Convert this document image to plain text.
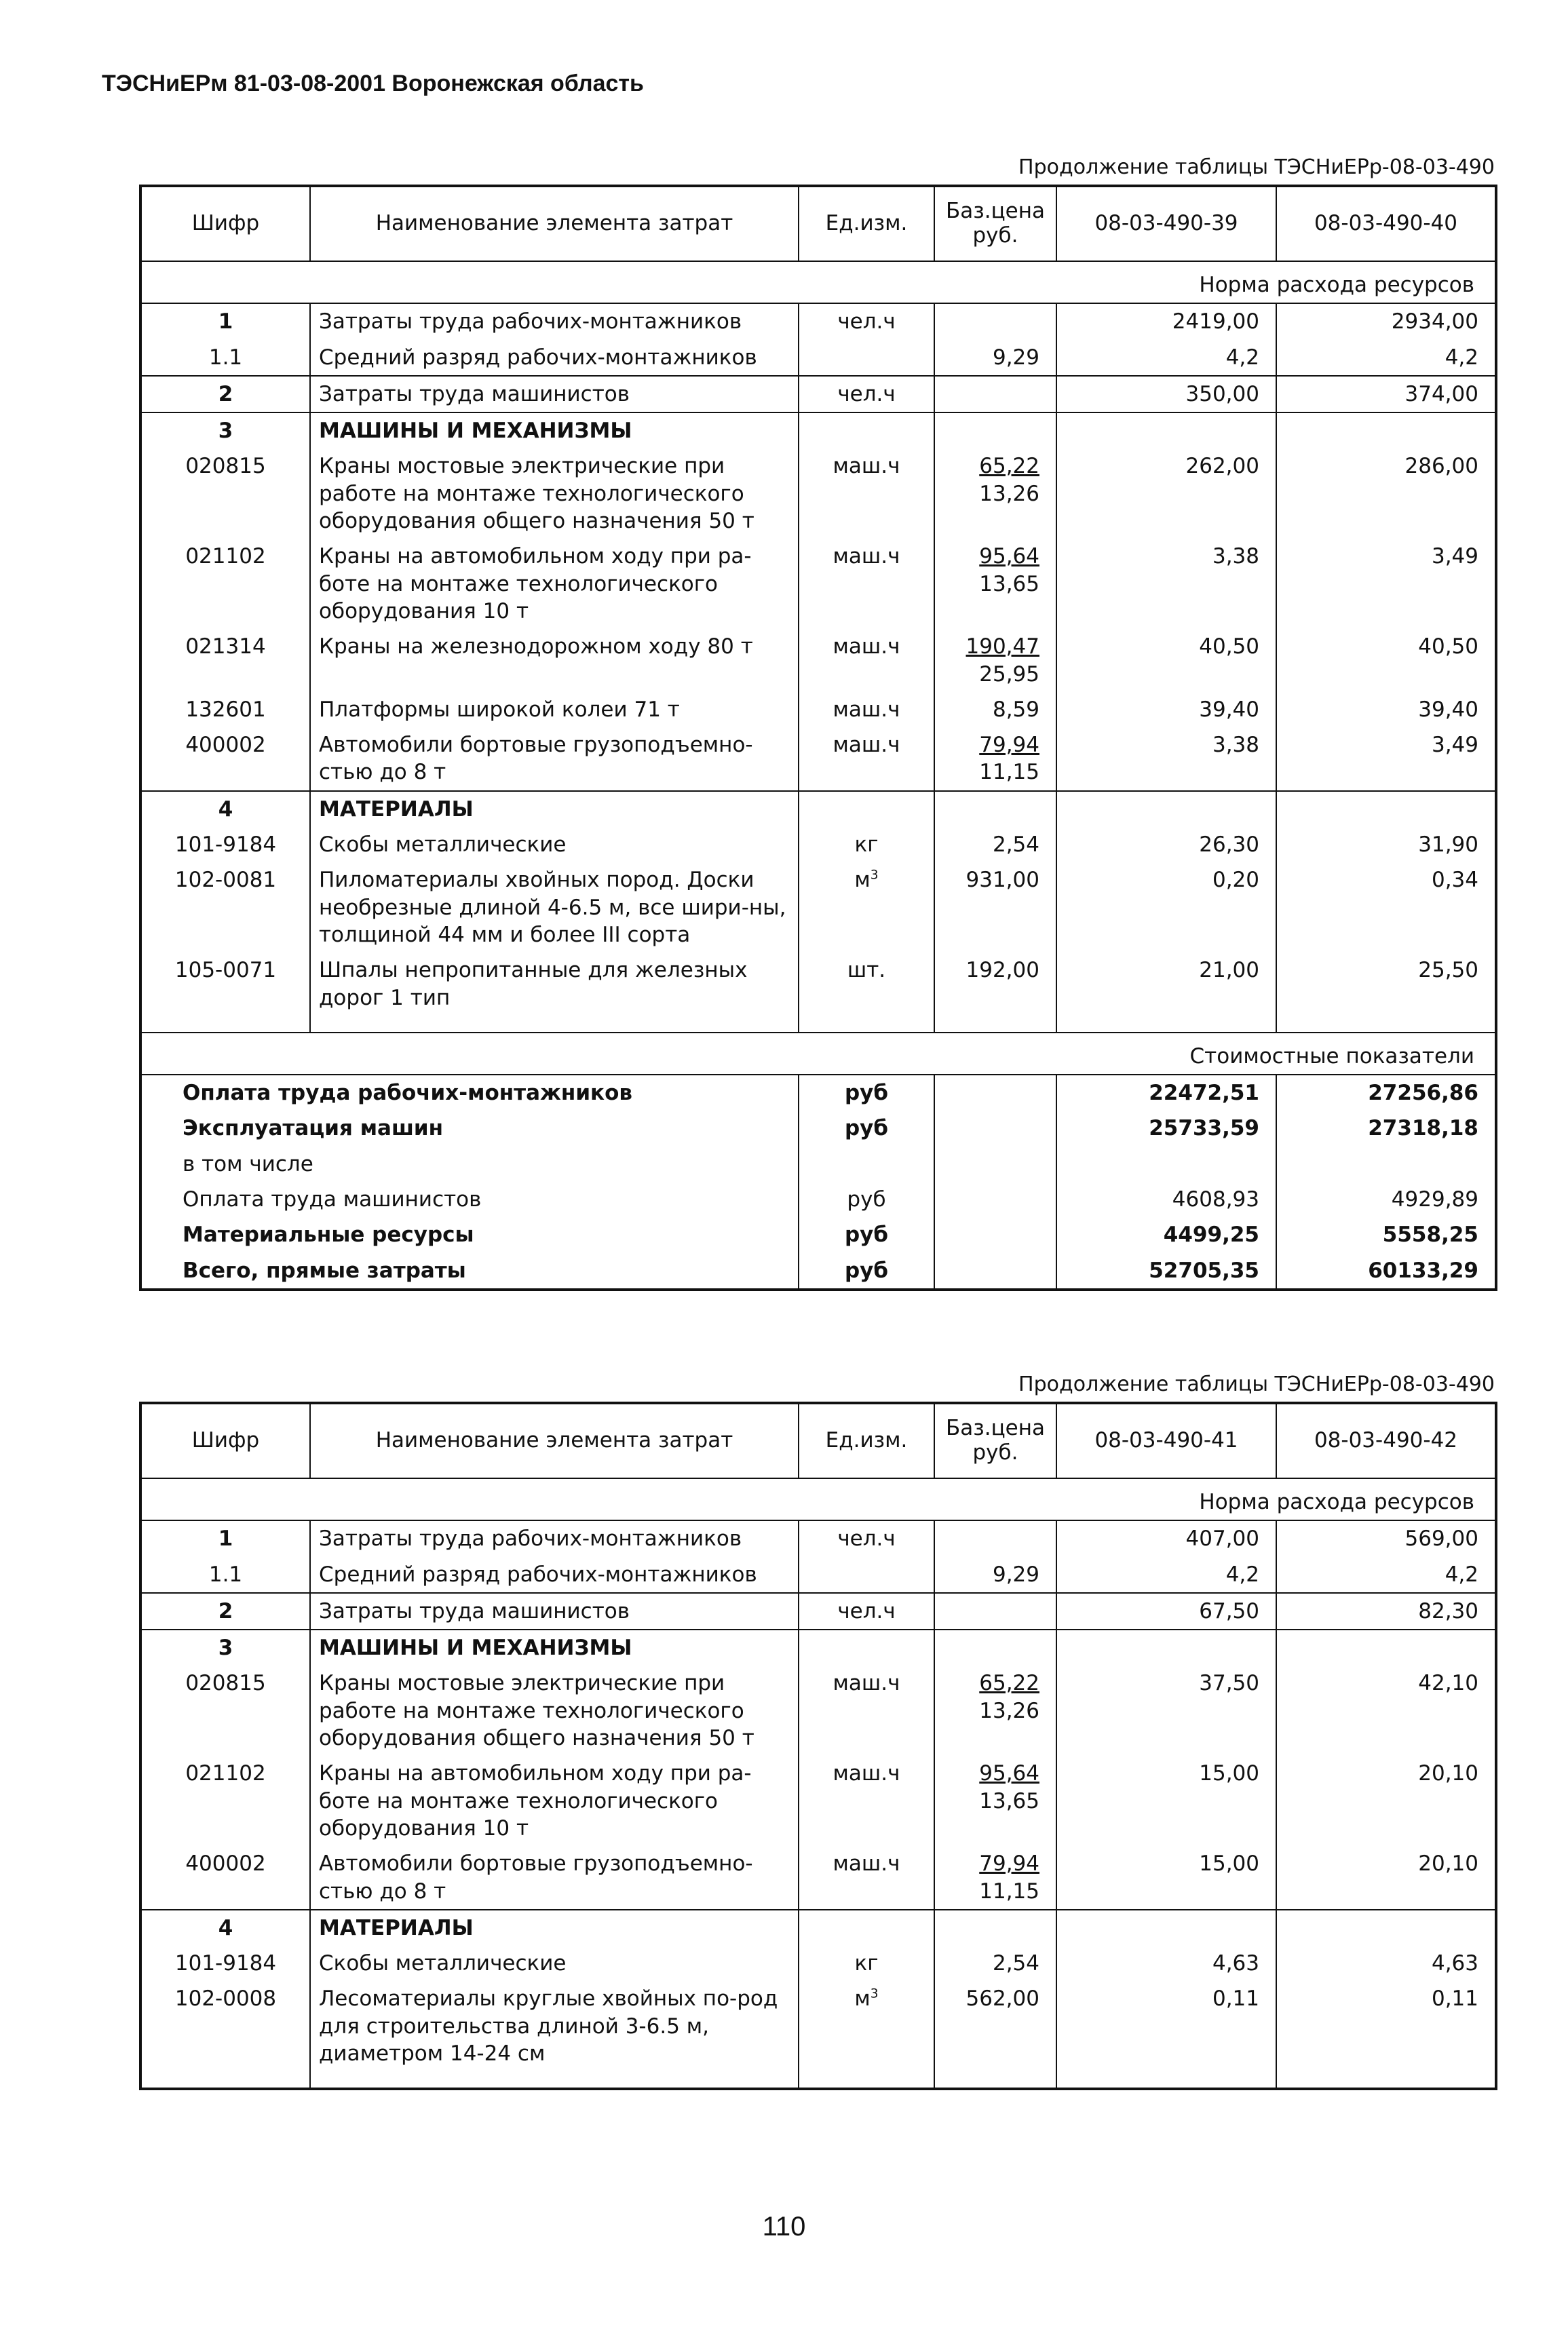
ТЭСНиЕРм 81-03-08-2001 Воронежская область
Продолжение таблицы ТЭСНиЕРр-08-03-490
Шифр	Наименование элемента затрат	Ед.изм.	Баз.цена руб.	08-03-490-39	08-03-490-40
Норма расхода ресурсов					
1	Затраты труда рабочих-монтажников	чел.ч		2419,00	2934,00
1.1	Средний разряд рабочих-монтажников		9,29	4,2	4,2
2	Затраты труда машинистов	чел.ч		350,00	374,00
3	МАШИНЫ И МЕХАНИЗМЫ				
020815	Краны мостовые электрические при работе на монтаже технологического оборудования общего назначения 50 т	маш.ч	$\frac{65,22}{13,26}$	262,00	286,00
021102	Краны на автомобильном ходу при ра-боте на монтаже технологического оборудования 10 т	маш.ч	$\frac{95,64}{13,65}$	3,38	3,49
021314	Краны на железнодорожном ходу 80 т	маш.ч	$\frac{190,47}{25,95}$	40,50	40,50
132601	Платформы широкой колеи 71 т	маш.ч	8,59	39,40	39,40
400002	Автомобили бортовые грузоподъемно-стью до 8 т	маш.ч	$\frac{79,94}{11,15}$	3,38	3,49
4	МАТЕРИАЛЫ				
101-9184	Скобы металлические	кг	2,54	26,30	31,90
102-0081	Пиломатериалы хвойных пород. Доски необрезные длиной 4-6.5 м, все шири-ны, толщиной 44 мм и более III сорта	$м^3$	931,00	0,20	0,34
105-0071	Шпалы непропитанные для железных дорог 1 тип	шт.	192,00	21,00	25,50

Стоимостные показатели					
Оплата труда рабочих-монтажников		руб		22472,51	27256,86
Эксплуатация машин		руб		25733,59	27318,18
в том числе					
Оплата труда машинистов		руб		4608,93	4929,89
Материальные ресурсы		руб		4499,25	5558,25
Всего, прямые затраты		руб		52705,35	60133,29
Продолжение таблицы ТЭСНиЕРр-08-03-490
Шифр	Наименование элемента затрат	Ед.изм.	Баз.цена руб.	08-03-490-41	08-03-490-42
Норма расхода ресурсов					
1	Затраты труда рабочих-монтажников	чел.ч		407,00	569,00
1.1	Средний разряд рабочих-монтажников		9,29	4,2	4,2
2	Затраты труда машинистов	чел.ч		67,50	82,30
3	МАШИНЫ И МЕХАНИЗМЫ				
020815	Краны мостовые электрические при работе на монтаже технологического оборудования общего назначения 50 т	маш.ч	$\frac{65,22}{13,26}$	37,50	42,10
021102	Краны на автомобильном ходу при ра-боте на монтаже технологического оборудования 10 т	маш.ч	$\frac{95,64}{13,65}$	15,00	20,10
400002	Автомобили бортовые грузоподъемно-стью до 8 т	маш.ч	$\frac{79,94}{11,15}$	15,00	20,10
4	МАТЕРИАЛЫ				
101-9184	Скобы металлические	кг	2,54	4,63	4,63
102-0008	Лесоматериалы круглые хвойных по-род для строительства длиной 3-6.5 м, диаметром 14-24 см	$м^3$	562,00	0,11	0,11

110
